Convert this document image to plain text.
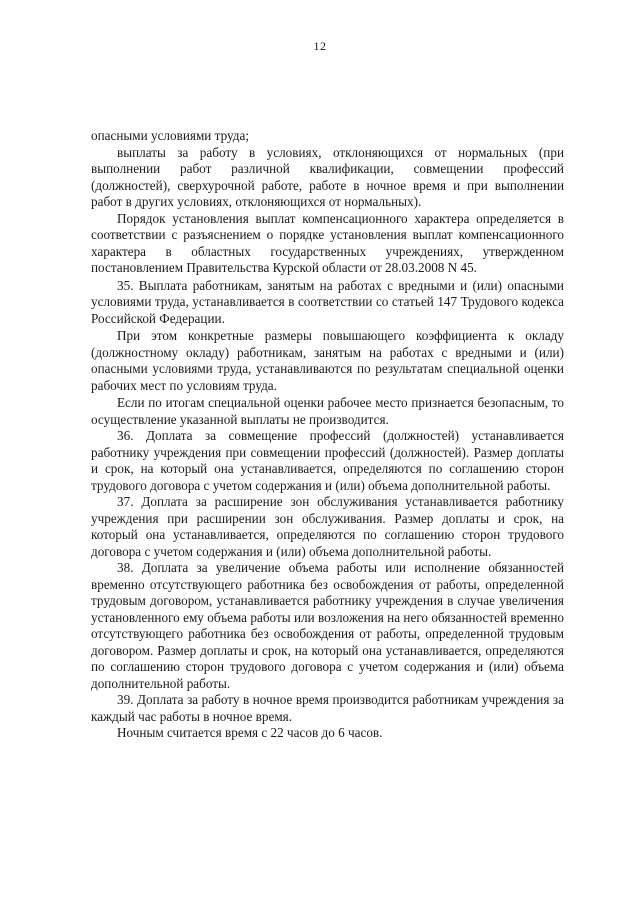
12

опасными условиями труда;

выплаты за работу в условиях, отклоняющихся от нормальных (при выполнении работ различной квалификации, совмещении профессий (должностей), сверхурочной работе, работе в ночное время и при выполнении работ в других условиях, отклоняющихся от нормальных).

Порядок установления выплат компенсационного характера определяется в соответствии с разъяснением о порядке установления выплат компенсационного характера в областных государственных учреждениях, утвержденном постановлением Правительства Курской области от 28.03.2008 N 45.

35. Выплата работникам, занятым на работах с вредными и (или) опасными условиями труда, устанавливается в соответствии со статьей 147 Трудового кодекса Российской Федерации.

При этом конкретные размеры повышающего коэффициента к окладу (должностному окладу) работникам, занятым на работах с вредными и (или) опасными условиями труда, устанавливаются по результатам специальной оценки рабочих мест по условиям труда.

Если по итогам специальной оценки рабочее место признается безопасным, то осуществление указанной выплаты не производится.

36. Доплата за совмещение профессий (должностей) устанавливается работнику учреждения при совмещении профессий (должностей). Размер доплаты и срок, на который она устанавливается, определяются по соглашению сторон трудового договора с учетом содержания и (или) объема дополнительной работы.

37. Доплата за расширение зон обслуживания устанавливается работнику учреждения при расширении зон обслуживания. Размер доплаты и срок, на который она устанавливается, определяются по соглашению сторон трудового договора с учетом содержания и (или) объема дополнительной работы.

38. Доплата за увеличение объема работы или исполнение обязанностей временно отсутствующего работника без освобождения от работы, определенной трудовым договором, устанавливается работнику учреждения в случае увеличения установленного ему объема работы или возложения на него обязанностей временно отсутствующего работника без освобождения от работы, определенной трудовым договором. Размер доплаты и срок, на который она устанавливается, определяются по соглашению сторон трудового договора с учетом содержания и (или) объема дополнительной работы.

39. Доплата за работу в ночное время производится работникам учреждения за каждый час работы в ночное время.

Ночным считается время с 22 часов до 6 часов.
